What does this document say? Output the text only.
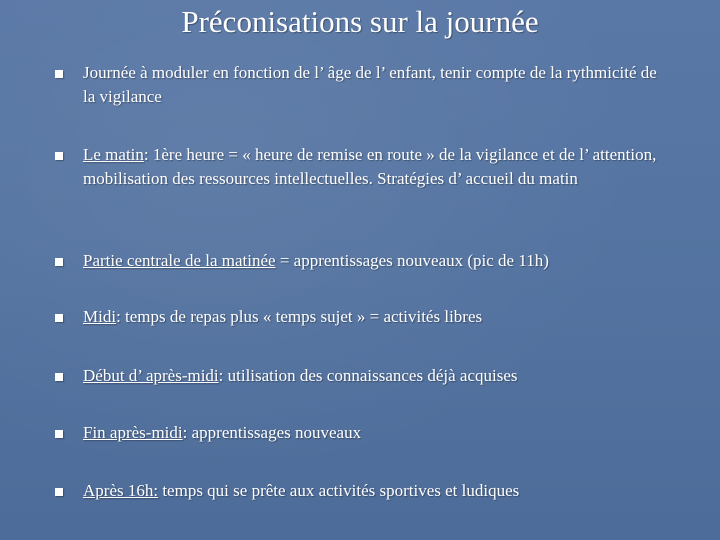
Préconisations sur la journée
Journée à moduler en fonction de l’ âge de l’ enfant, tenir compte de la rythmicité de la vigilance
Le matin: 1ère heure = « heure de remise en route » de la vigilance et de l’ attention, mobilisation des ressources intellectuelles. Stratégies d’ accueil du matin
Partie centrale de la matinée = apprentissages nouveaux (pic de 11h)
Midi: temps de repas plus « temps sujet » = activités libres
Début d’ après-midi: utilisation des connaissances déjà acquises
Fin après-midi: apprentissages nouveaux
Après 16h: temps qui se prête aux activités sportives et ludiques
